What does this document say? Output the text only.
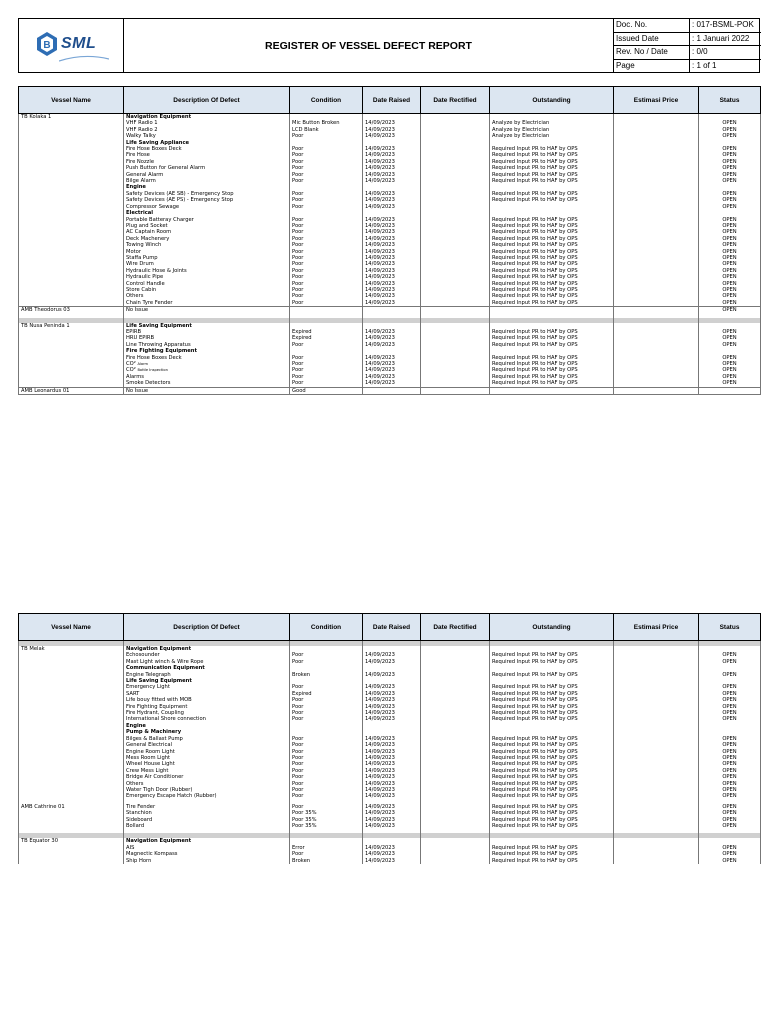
B SML	REGISTER OF VESSEL DEFECT REPORT
Doc. No.	: 017-BSML-POK
Issued Date	: 1 Januari 2022
Rev. No / Date	: 0/0
Page	: 1 of 1
Vessel Name	Description Of Defect	Condition	Date Raised	Date Rectified	Outstanding	Estimasi Price	Status
TB Kolaka 1	Navigation Equipment						
	VHF Radio 1	Mic Button Broken	14/09/2023		Analyze by Electrician		OPEN
	VHF Radio 2	LCD Blank	14/09/2023		Analyze by Electrician		OPEN
	Walky Talky	Poor	14/09/2023		Analyze by Electrician		OPEN
	Life Saving Appliance						
	Fire Hose Boxes Deck	Poor	14/09/2023		Required Input PR to HAF by OPS		OPEN
	Fire Hose	Poor	14/09/2023		Required Input PR to HAF by OPS		OPEN
	Fire Nozzle	Poor	14/09/2023		Required Input PR to HAF by OPS		OPEN
	Push Button for General Alarm	Poor	14/09/2023		Required Input PR to HAF by OPS		OPEN
	General Alarm	Poor	14/09/2023		Required Input PR to HAF by OPS		OPEN
	Bilge Alarm	Poor	14/09/2023		Required Input PR to HAF by OPS		OPEN
	Engine						
	Safety Devices (AE SB) - Emergency Stop	Poor	14/09/2023		Required Input PR to HAF by OPS		OPEN
	Safety Devices (AE PS) - Emergency Stop	Poor	14/09/2023		Required Input PR to HAF by OPS		OPEN
	Compressor Sewage	Poor	14/09/2023				OPEN
	Electrical						
	Portable Batteray Charger	Poor	14/09/2023		Required Input PR to HAF by OPS		OPEN
	Plug and Socket	Poor	14/09/2023		Required Input PR to HAF by OPS		OPEN
	AC Captain Room	Poor	14/09/2023		Required Input PR to HAF by OPS		OPEN
	Deck Machenery	Poor	14/09/2023		Required Input PR to HAF by OPS		OPEN
	Towing Winch	Poor	14/09/2023		Required Input PR to HAF by OPS		OPEN
	Motor	Poor	14/09/2023		Required Input PR to HAF by OPS		OPEN
	Staffa Pump	Poor	14/09/2023		Required Input PR to HAF by OPS		OPEN
	Wire Drum	Poor	14/09/2023		Required Input PR to HAF by OPS		OPEN
	Hydraulic Hose & Joints	Poor	14/09/2023		Required Input PR to HAF by OPS		OPEN
	Hydraulic Pipe	Poor	14/09/2023		Required Input PR to HAF by OPS		OPEN
	Control Handle	Poor	14/09/2023		Required Input PR to HAF by OPS		OPEN
	Store Cabin	Poor	14/09/2023		Required Input PR to HAF by OPS		OPEN
	Others	Poor	14/09/2023		Required Input PR to HAF by OPS		OPEN
	Chain Tyre Fender	Poor	14/09/2023		Required Input PR to HAF by OPS		OPEN
AMB Theodorus 03	No Issue						OPEN

TB Nusa Peninda 1	Life Saving Equipment						
	EPIRB	Expired	14/09/2023		Required Input PR to HAF by OPS		OPEN
	HRU EPIRB	Expired	14/09/2023		Required Input PR to HAF by OPS		OPEN
	Line Throwing Apparatus	Poor	14/09/2023		Required Input PR to HAF by OPS		OPEN
	Fire Fighting Equipment						
	Fire Hose Boxes Deck	Poor	14/09/2023		Required Input PR to HAF by OPS		OPEN
	CO² Alarm	Poor	14/09/2023		Required Input PR to HAF by OPS		OPEN
	CO² Bottle Inspection	Poor	14/09/2023		Required Input PR to HAF by OPS		OPEN
	Alarms	Poor	14/09/2023		Required Input PR to HAF by OPS		OPEN
	Smoke Detectors	Poor	14/09/2023		Required Input PR to HAF by OPS		OPEN
AMB Leonardus 01	No Issue	Good					
Vessel Name	Description Of Defect	Condition	Date Raised	Date Rectified	Outstanding	Estimasi Price	Status

TB Melak	Navigation Equipment						
	Echosounder	Poor	14/09/2023		Required Input PR to HAF by OPS		OPEN
	Mast Light winch & Wire Rope	Poor	14/09/2023		Required Input PR to HAF by OPS		OPEN
	Communication Equipment						
	Engine Telegraph	Broken	14/09/2023		Required Input PR to HAF by OPS		OPEN
	Life Saving Equipment						
	Emergency Light	Poor	14/09/2023		Required Input PR to HAF by OPS		OPEN
	SART	Expired	14/09/2023		Required Input PR to HAF by OPS		OPEN
	Life bouy fitted with MOB	Poor	14/09/2023		Required Input PR to HAF by OPS		OPEN
	Fire Fighting Equipment	Poor	14/09/2023		Required Input PR to HAF by OPS		OPEN
	Fire Hydrant, Coupling	Poor	14/09/2023		Required Input PR to HAF by OPS		OPEN
	International Shore connection	Poor	14/09/2023		Required Input PR to HAF by OPS		OPEN
	Engine						
	Pump & Machinery						
	Bilges & Ballast Pump	Poor	14/09/2023		Required Input PR to HAF by OPS		OPEN
	General Electrical	Poor	14/09/2023		Required Input PR to HAF by OPS		OPEN
	Engine Room Light	Poor	14/09/2023		Required Input PR to HAF by OPS		OPEN
	Mess Room Light	Poor	14/09/2023		Required Input PR to HAF by OPS		OPEN
	Wheel House Light	Poor	14/09/2023		Required Input PR to HAF by OPS		OPEN
	Crew Mess Light	Poor	14/09/2023		Required Input PR to HAF by OPS		OPEN
	Bridge Air Conditioner	Poor	14/09/2023		Required Input PR to HAF by OPS		OPEN
	Others	Poor	14/09/2023		Required Input PR to HAF by OPS		OPEN
	Water Tigh Door (Rubber)	Poor	14/09/2023		Required Input PR to HAF by OPS		OPEN
	Emergency Escape Hatch (Rubber)	Poor	14/09/2023		Required Input PR to HAF by OPS		OPEN

AMB Cathrine 01	Tire Fender	Poor	14/09/2023		Required Input PR to HAF by OPS		OPEN
	Stanchion	Poor 35%	14/09/2023		Required Input PR to HAF by OPS		OPEN
	Sideboard	Poor 35%	14/09/2023		Required Input PR to HAF by OPS		OPEN
	Bollard	Poor 35%	14/09/2023		Required Input PR to HAF by OPS		OPEN

TB Equator 30	Navigation Equipment						
	AIS	Error	14/09/2023		Required Input PR to HAF by OPS		OPEN
	Magnectic Kompass	Poor	14/09/2023		Required Input PR to HAF by OPS		OPEN
	Ship Horn	Broken	14/09/2023		Required Input PR to HAF by OPS		OPEN
